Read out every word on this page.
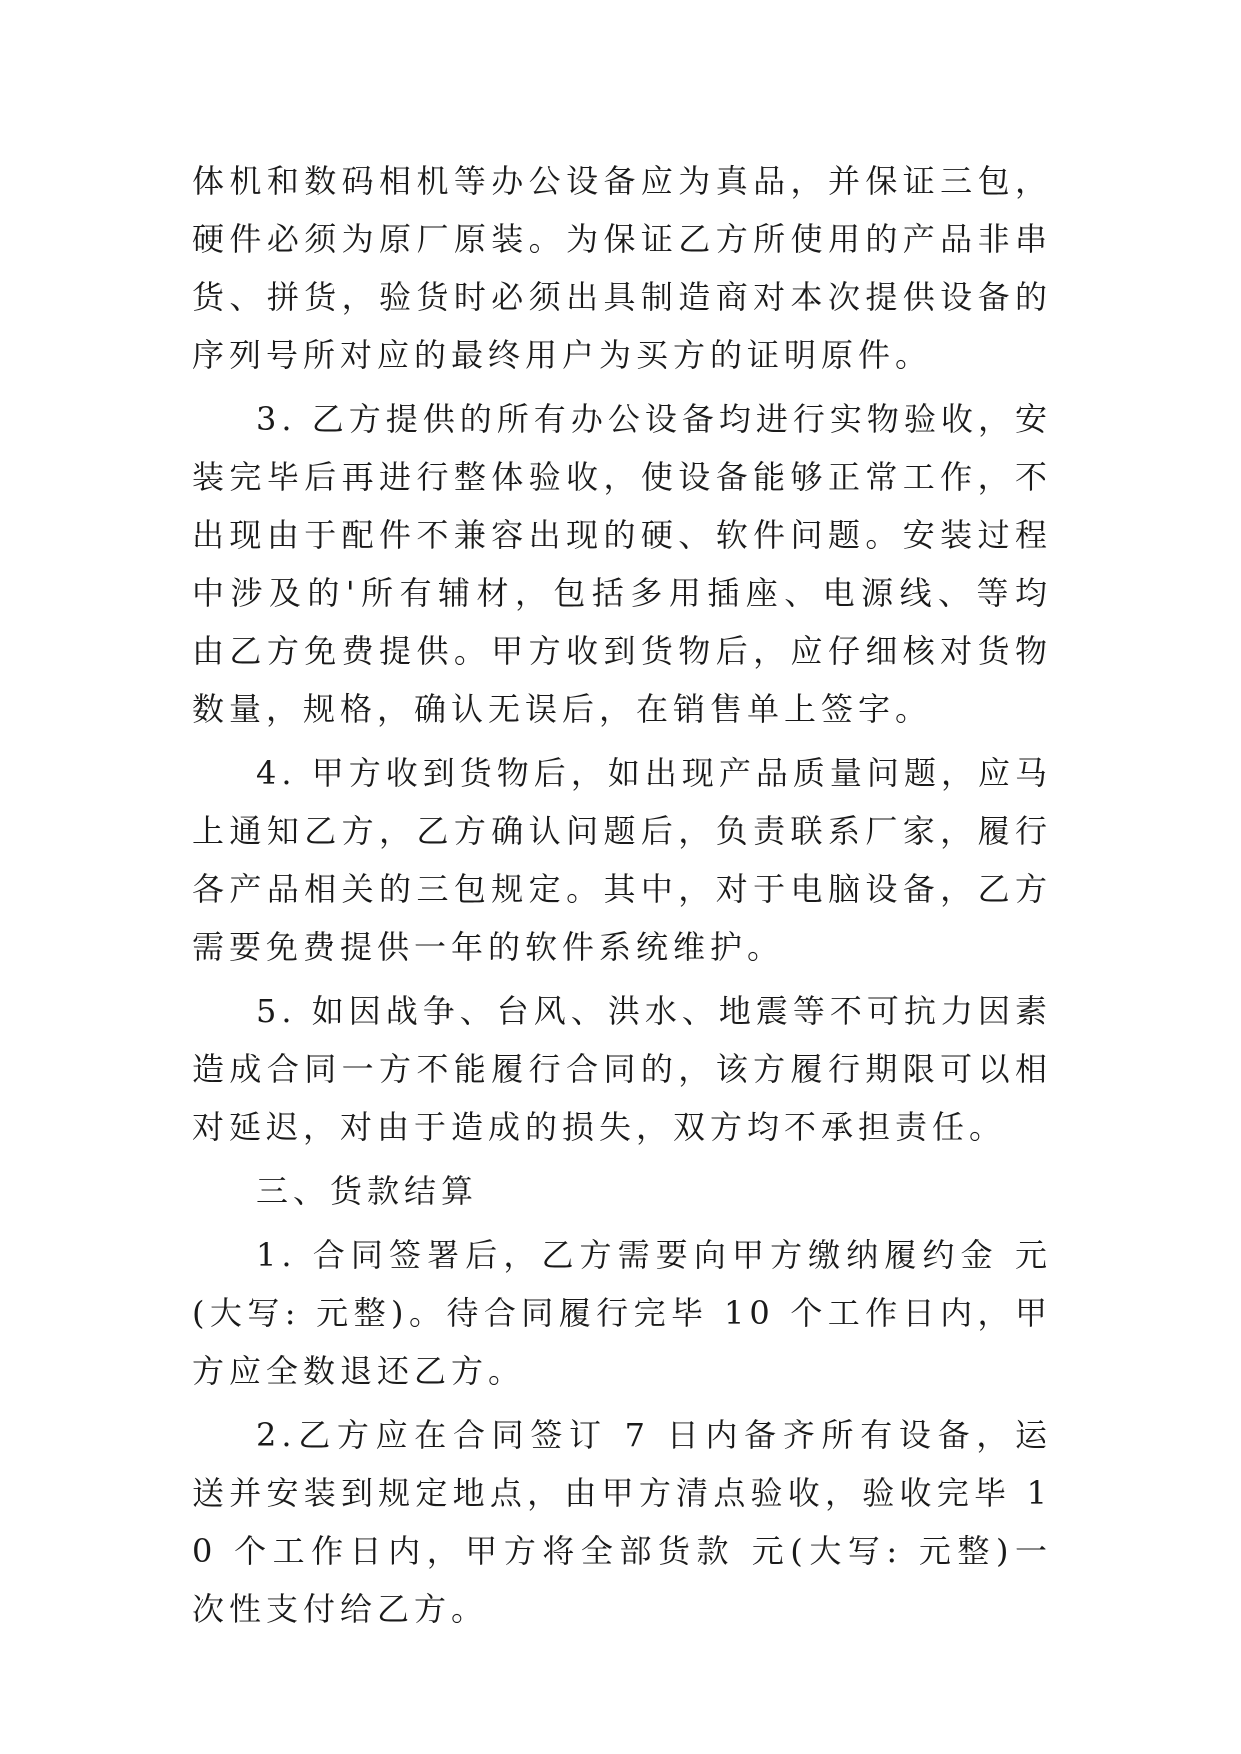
体机和数码相机等办公设备应为真品，并保证三包，硬件必须为原厂原装。为保证乙方所使用的产品非串货、拼货，验货时必须出具制造商对本次提供设备的序列号所对应的最终用户为买方的证明原件。

3. 乙方提供的所有办公设备均进行实物验收，安装完毕后再进行整体验收，使设备能够正常工作，不出现由于配件不兼容出现的硬、软件问题。安装过程中涉及的'所有辅材，包括多用插座、电源线、等均由乙方免费提供。甲方收到货物后，应仔细核对货物数量，规格，确认无误后，在销售单上签字。

4. 甲方收到货物后，如出现产品质量问题，应马上通知乙方，乙方确认问题后，负责联系厂家，履行各产品相关的三包规定。其中，对于电脑设备，乙方需要免费提供一年的软件系统维护。

5. 如因战争、台风、洪水、地震等不可抗力因素造成合同一方不能履行合同的，该方履行期限可以相对延迟，对由于造成的损失，双方均不承担责任。

三、货款结算

1. 合同签署后，乙方需要向甲方缴纳履约金 元(大写: 元整)。待合同履行完毕 10 个工作日内，甲方应全数退还乙方。

2.乙方应在合同签订 7 日内备齐所有设备，运送并安装到规定地点，由甲方清点验收，验收完毕 10 个工作日内，甲方将全部货款 元(大写: 元整)一次性支付给乙方。
